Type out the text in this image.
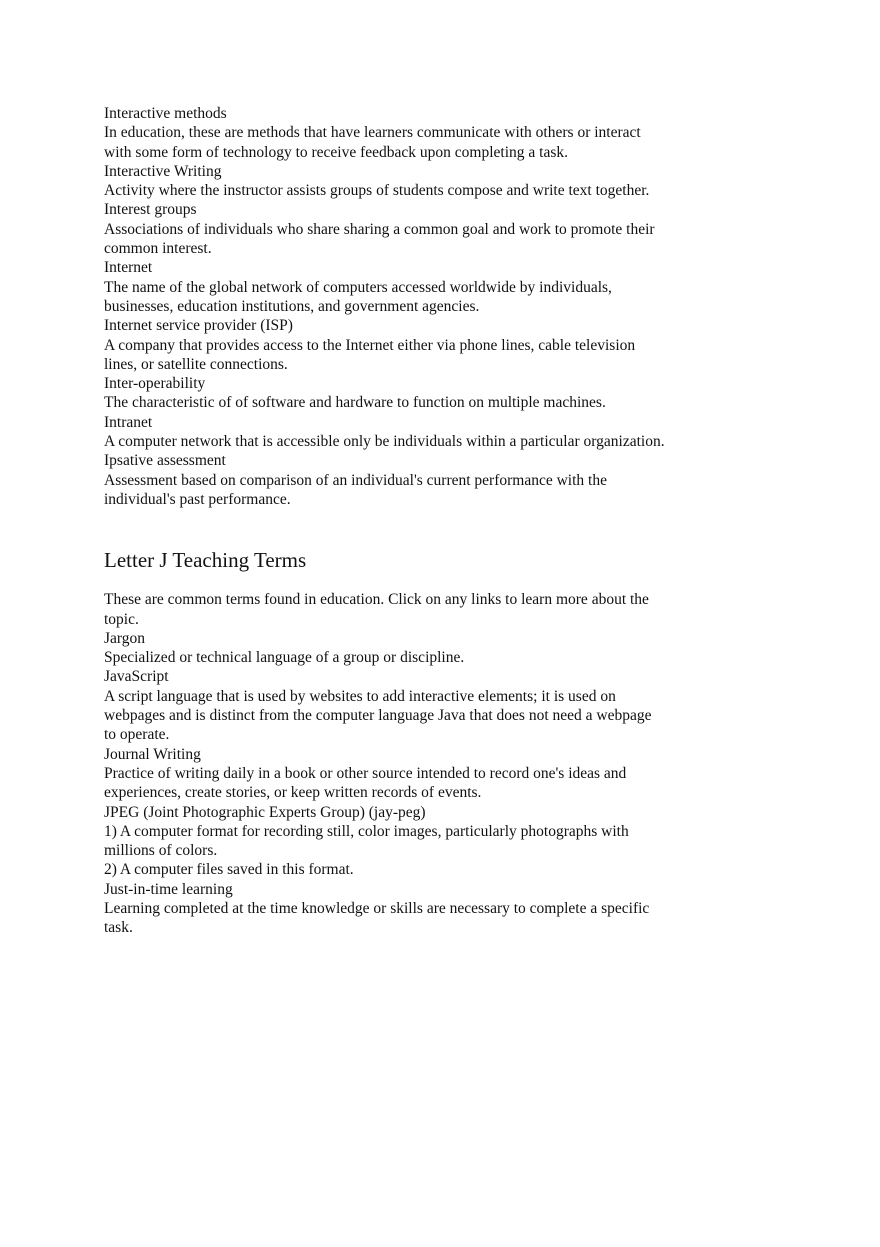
Interactive methods

In education, these are methods that have learners communicate with others or interact

with some form of technology to receive feedback upon completing a task.

Interactive Writing

Activity where the instructor assists groups of students compose and write text together.

Interest groups

Associations of individuals who share sharing a common goal and work to promote their

common interest.

Internet

The name of the global network of computers accessed worldwide by individuals,

businesses, education institutions, and government agencies.

Internet service provider (ISP)

A company that provides access to the Internet either via phone lines, cable television

lines, or satellite connections.

Inter-operability

The characteristic of of software and hardware to function on multiple machines.

Intranet

A computer network that is accessible only be individuals within a particular organization.

Ipsative assessment

Assessment based on comparison of an individual's current performance with the

individual's past performance.

Letter J Teaching Terms

These are common terms found in education. Click on any links to learn more about the

topic.

Jargon

Specialized or technical language of a group or discipline.

JavaScript

A script language that is used by websites to add interactive elements; it is used on

webpages and is distinct from the computer language Java that does not need a webpage

to operate.

Journal Writing

Practice of writing daily in a book or other source intended to record one's ideas and

experiences, create stories, or keep written records of events.

JPEG (Joint Photographic Experts Group) (jay-peg)

1) A computer format for recording still, color images, particularly photographs with

millions of colors.

2) A computer files saved in this format.

Just-in-time learning

Learning completed at the time knowledge or skills are necessary to complete a specific

task.
